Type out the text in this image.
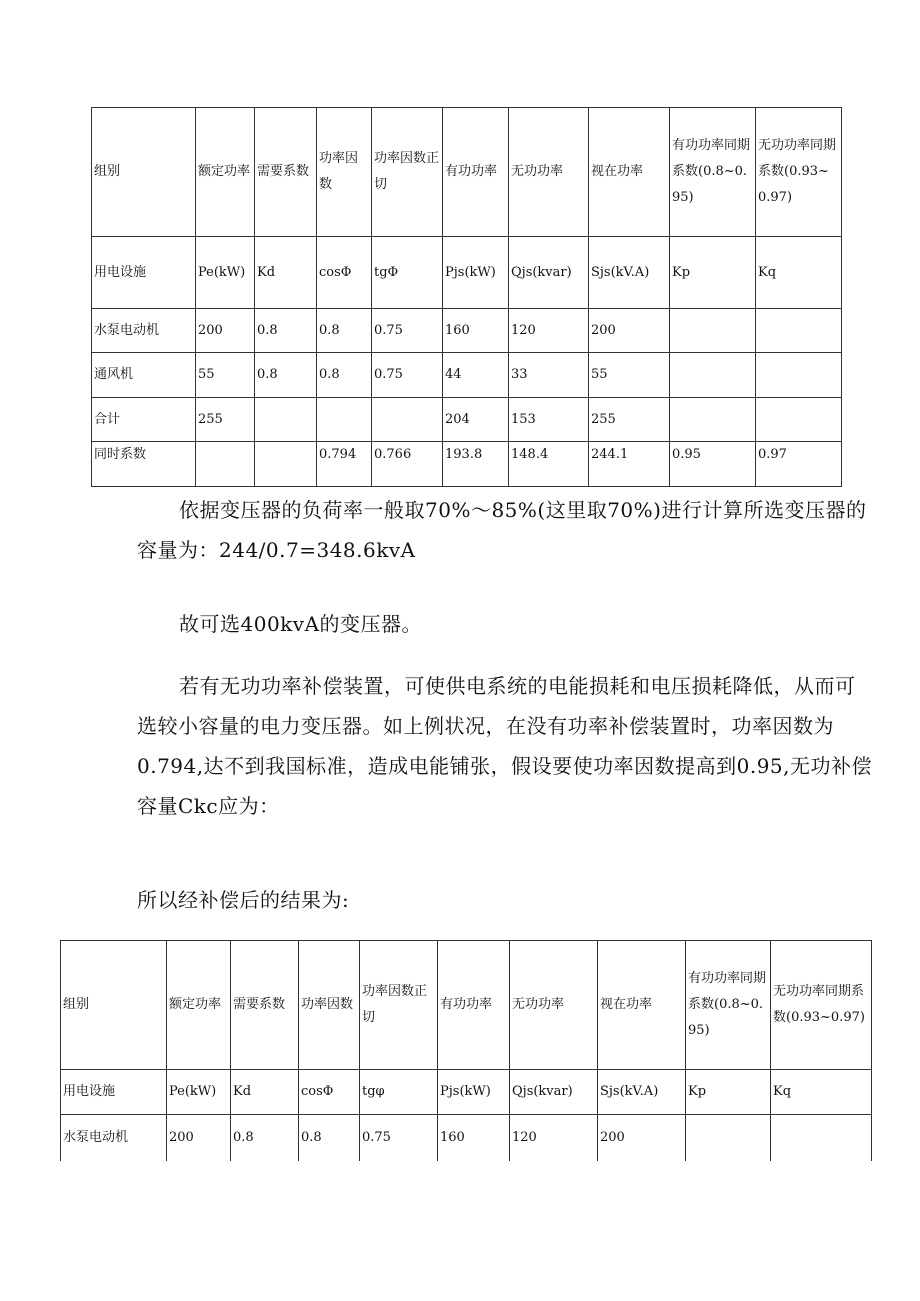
组别	额定功率	需要系数	功率因数	功率因数正切	有功功率	无功功率	视在功率	有功功率同期系数(0.8~0.95)	无功功率同期系数(0.93~0.97)
用电设施	Pe(kW)	Kd	cosΦ	tgΦ	Pjs(kW)	Qjs(kvar)	Sjs(kV.A)	Kp	Kq
水泵电动机	200	0.8	0.8	0.75	160	120	200		
通风机	55	0.8	0.8	0.75	44	33	55		
合计	255				204	153	255		
同时系数			0.794	0.766	193.8	148.4	244.1	0.95	0.97

依据变压器的负荷率一般取70%～85%(这里取70%)进行计算所选变压器的容量为：244/0.7=348.6kvA

故可选400kvA的变压器。

若有无功功率补偿装置，可使供电系统的电能损耗和电压损耗降低，从而可选较小容量的电力变压器。如上例状况，在没有功率补偿装置时，功率因数为0.794,达不到我国标准，造成电能铺张，假设要使功率因数提高到0.95,无功补偿容量Ckc应为：

所以经补偿后的结果为:

组别	额定功率	需要系数	功率因数	功率因数正切	有功功率	无功功率	视在功率	有功功率同期系数(0.8~0.95)	无功功率同期系数(0.93~0.97)
用电设施	Pe(kW)	Kd	cosΦ	tgφ	Pjs(kW)	Qjs(kvar)	Sjs(kV.A)	Kp	Kq
水泵电动机	200	0.8	0.8	0.75	160	120	200		
